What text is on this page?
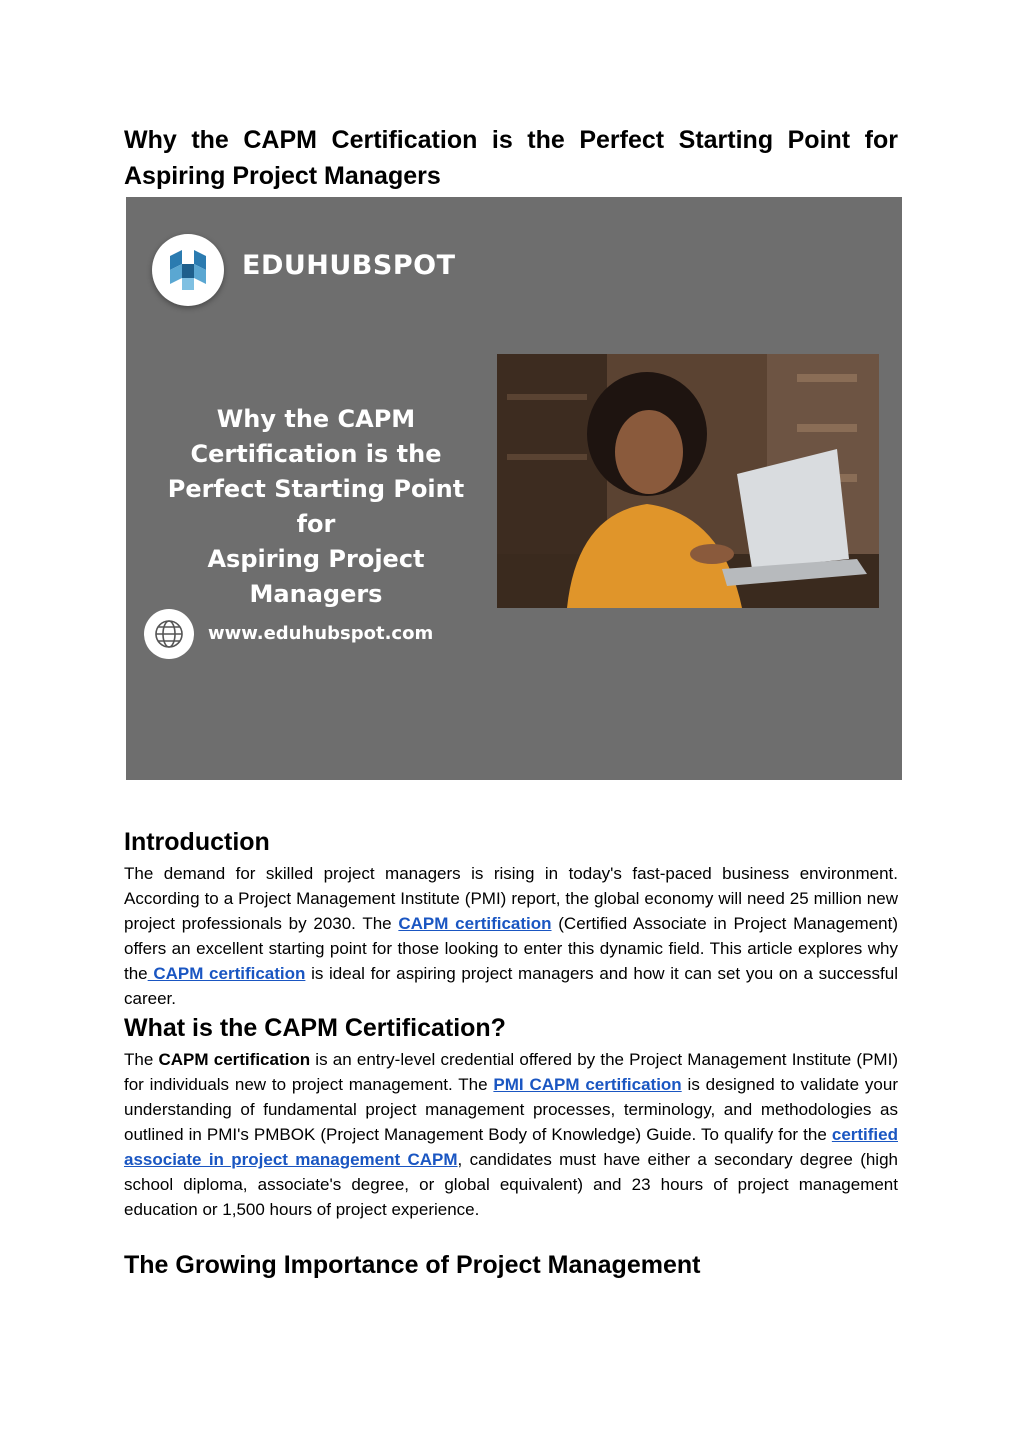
Why the CAPM Certification is the Perfect Starting Point for Aspiring Project Managers
EDUHUBSPOT
Why the CAPM
Certification is the
Perfect Starting Point for
Aspiring Project
Managers
www.eduhubspot.com
Introduction

The demand for skilled project managers is rising in today's fast-paced business environment. According to a Project Management Institute (PMI) report, the global economy will need 25 million new project professionals by 2030. The CAPM certification (Certified Associate in Project Management) offers an excellent starting point for those looking to enter this dynamic field. This article explores why the CAPM certification is ideal for aspiring project managers and how it can set you on a successful career.

What is the CAPM Certification?

The CAPM certification is an entry-level credential offered by the Project Management Institute (PMI) for individuals new to project management. The PMI CAPM certification is designed to validate your understanding of fundamental project management processes, terminology, and methodologies as outlined in PMI's PMBOK (Project Management Body of Knowledge) Guide. To qualify for the certified associate in project management CAPM, candidates must have either a secondary degree (high school diploma, associate's degree, or global equivalent) and 23 hours of project management education or 1,500 hours of project experience.

The Growing Importance of Project Management
